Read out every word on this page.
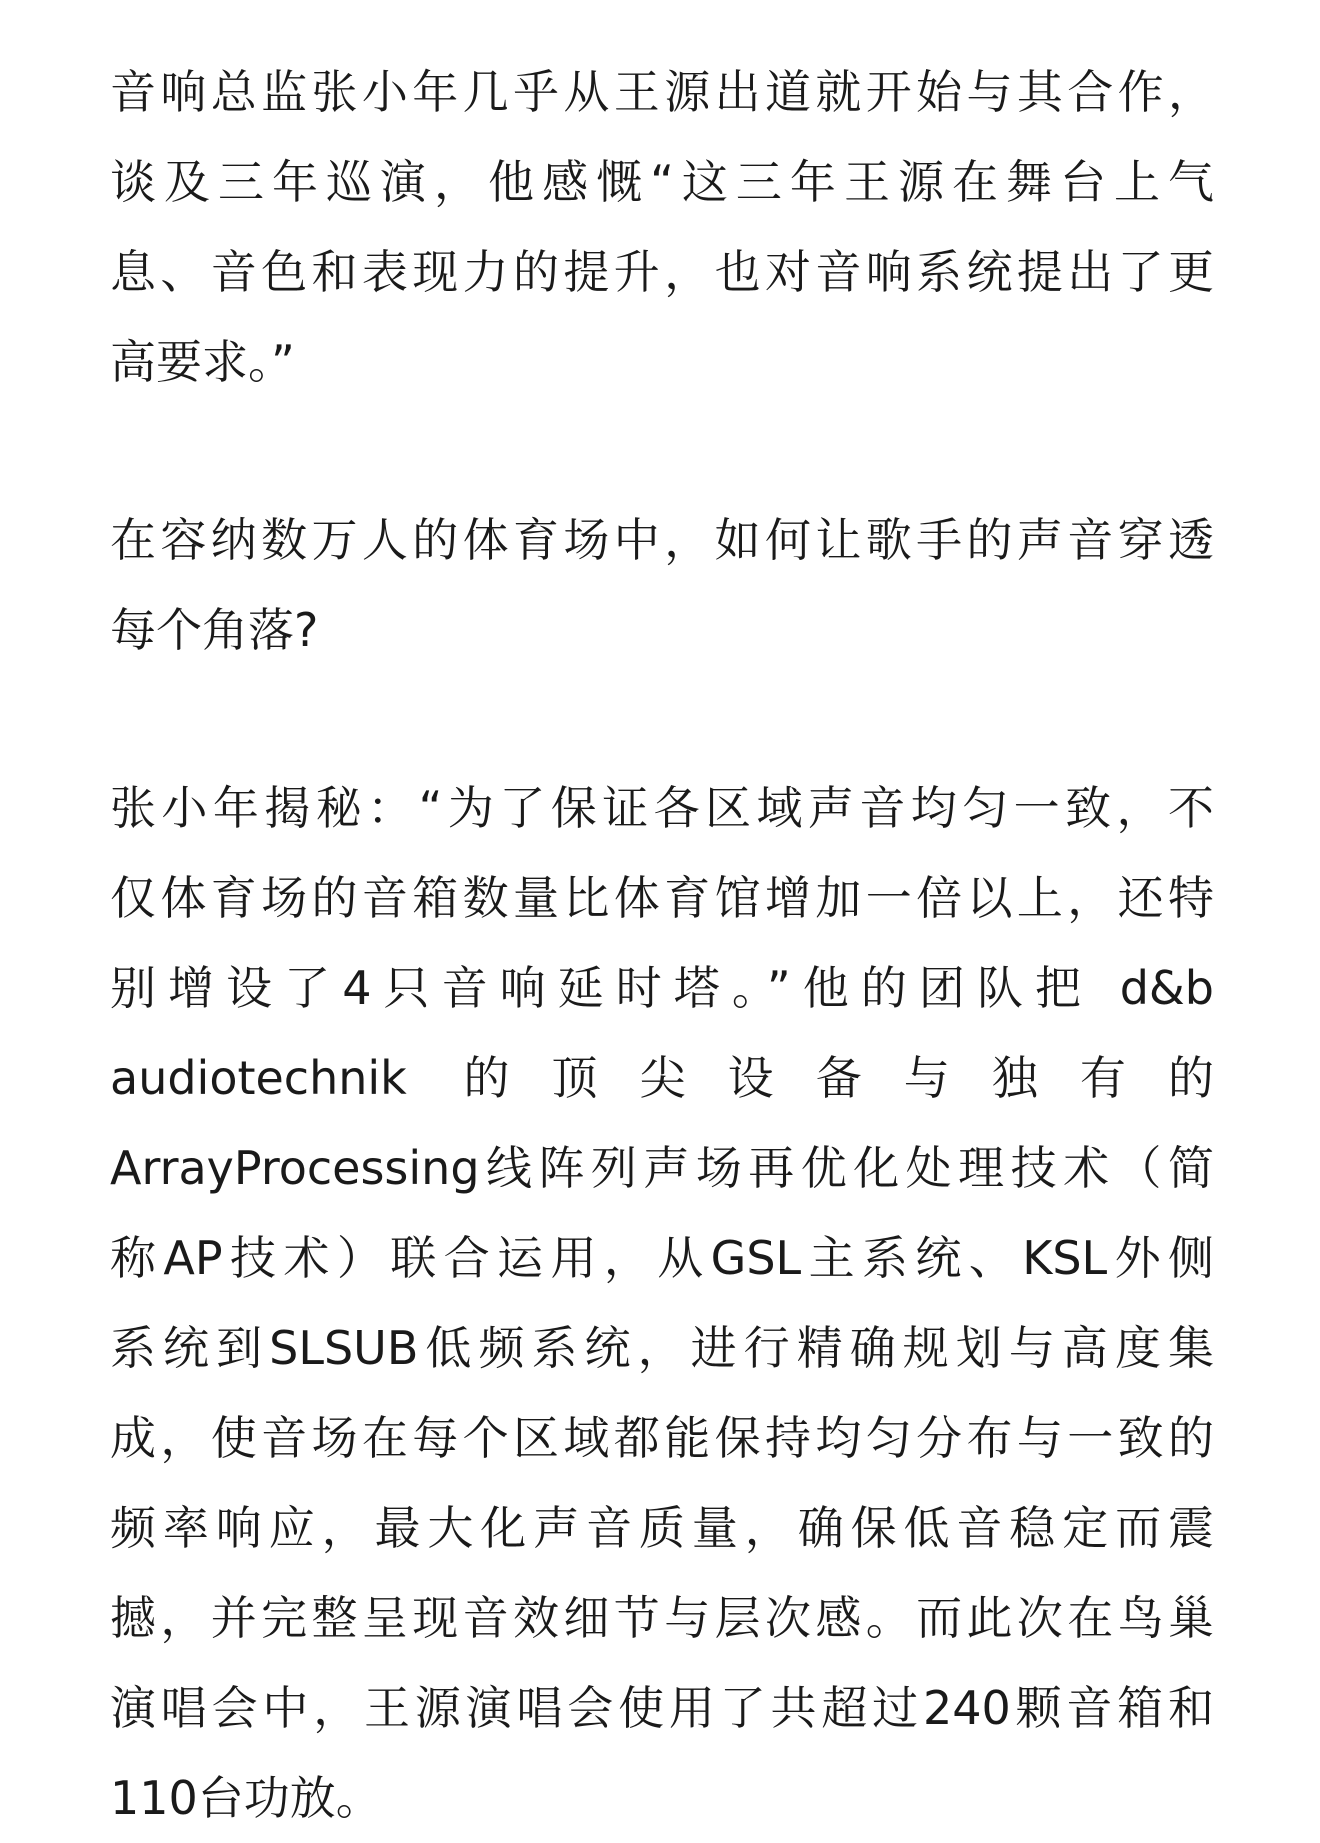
音响总监张小年几乎从王源出道就开始与其合作，
谈及三年巡演，他感慨“这三年王源在舞台上气
息、音色和表现力的提升，也对音响系统提出了更
高要求。”
在容纳数万人的体育场中，如何让歌手的声音穿透
每个角落?
张小年揭秘：“为了保证各区域声音均匀一致，不
仅体育场的音箱数量比体育馆增加一倍以上，还特
别增设了4只音响延时塔。”他的团队把 d&b
audiotechnik 的顶尖设备与独有的
ArrayProcessing线阵列声场再优化处理技术（简
称AP技术）联合运用，从GSL主系统、KSL外侧
系统到SLSUB低频系统，进行精确规划与高度集
成，使音场在每个区域都能保持均匀分布与一致的
频率响应，最大化声音质量，确保低音稳定而震
撼，并完整呈现音效细节与层次感。而此次在鸟巢
演唱会中，王源演唱会使用了共超过240颗音箱和
110台功放。
